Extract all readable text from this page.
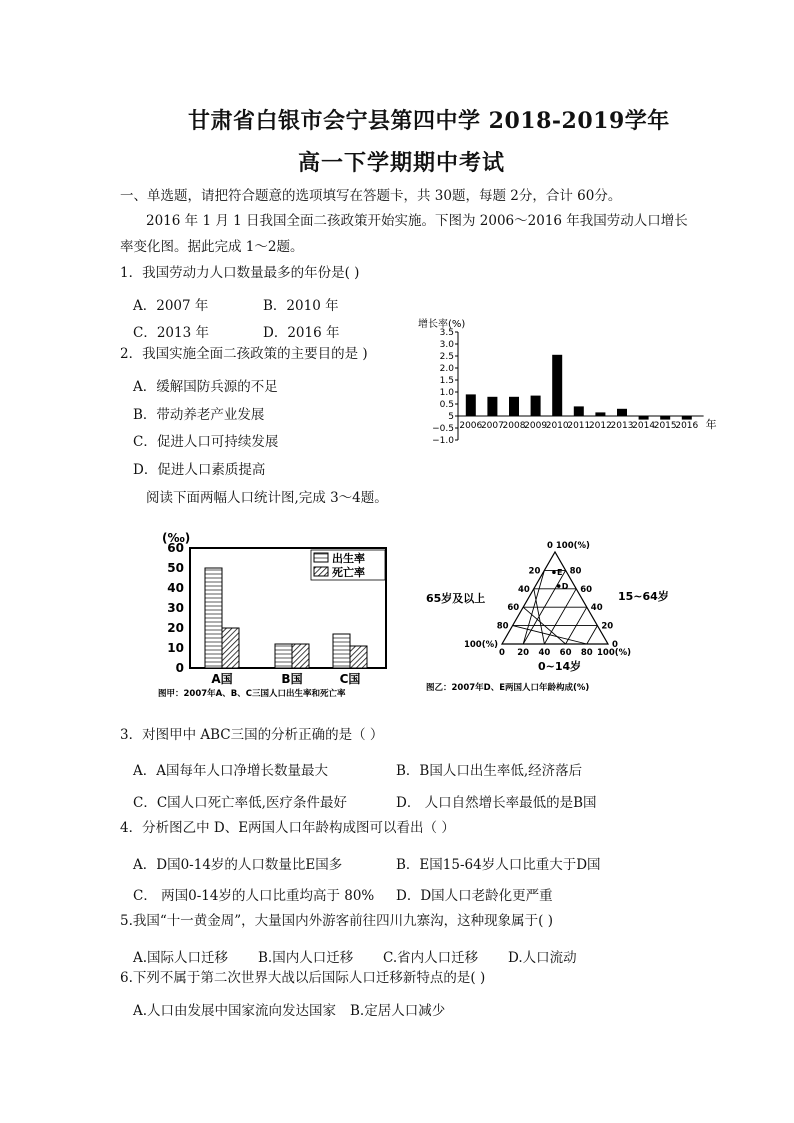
甘肃省白银市会宁县第四中学 2018-2019学年
高一下学期期中考试
一、单选题，请把符合题意的选项填写在答题卡，共 30题，每题 2分，合计 60分。
2016 年 1 月 1 日我国全面二孩政策开始实施。下图为 2006～2016 年我国劳动人口增长
率变化图。据此完成 1～2题。
1．我国劳动力人口数量最多的年份是( )
A．2007 年	B．2010 年
C．2013 年	D．2016 年
2．我国实施全面二孩政策的主要目的是 )
A．缓解国防兵源的不足
B．带动养老产业发展
C．促进人口可持续发展
D．促进人口素质提高
增长率(%)
3.5
3.0
2.5
2.0
1.5
1.0
0.5
5
−0.5
−1.0
2006
2007
2008
2009
2010
2011
2012
2013
2014
2015
2016 年
阅读下面两幅人口统计图,完成 3～4题。
(‰)
0
10
20
30
40
50
60
A国	B国	C国
出生率
死亡率
图甲：2007年A、B、C三国人口出生率和死亡率
0 100(%)
20
40
60
80
100(%)
80
60
40
20
0
0 20 40 60 80 100(%)
65岁及以上	15~64岁
0~14岁
E
D
图乙：2007年D、E两国人口年龄构成(%)
3．对图甲中 ABC三国的分析正确的是（ ）
A．A国每年人口净增长数量最大	B．B国人口出生率低,经济落后
C．C国人口死亡率低,医疗条件最好	D． 人口自然增长率最低的是B国
4．分析图乙中 D、E两国人口年龄构成图可以看出（ ）
A．D国0-14岁的人口数量比E国多	B．E国15-64岁人口比重大于D国
C． 两国0-14岁的人口比重均高于 80% D．D国人口老龄化更严重
5.我国“十一黄金周”，大量国内外游客前往四川九寨沟，这种现象属于( )
A.国际人口迁移 B.国内人口迁移 C.省内人口迁移 D.人口流动
6.下列不属于第二次世界大战以后国际人口迁移新特点的是( )
A.人口由发展中国家流向发达国家 B.定居人口减少
